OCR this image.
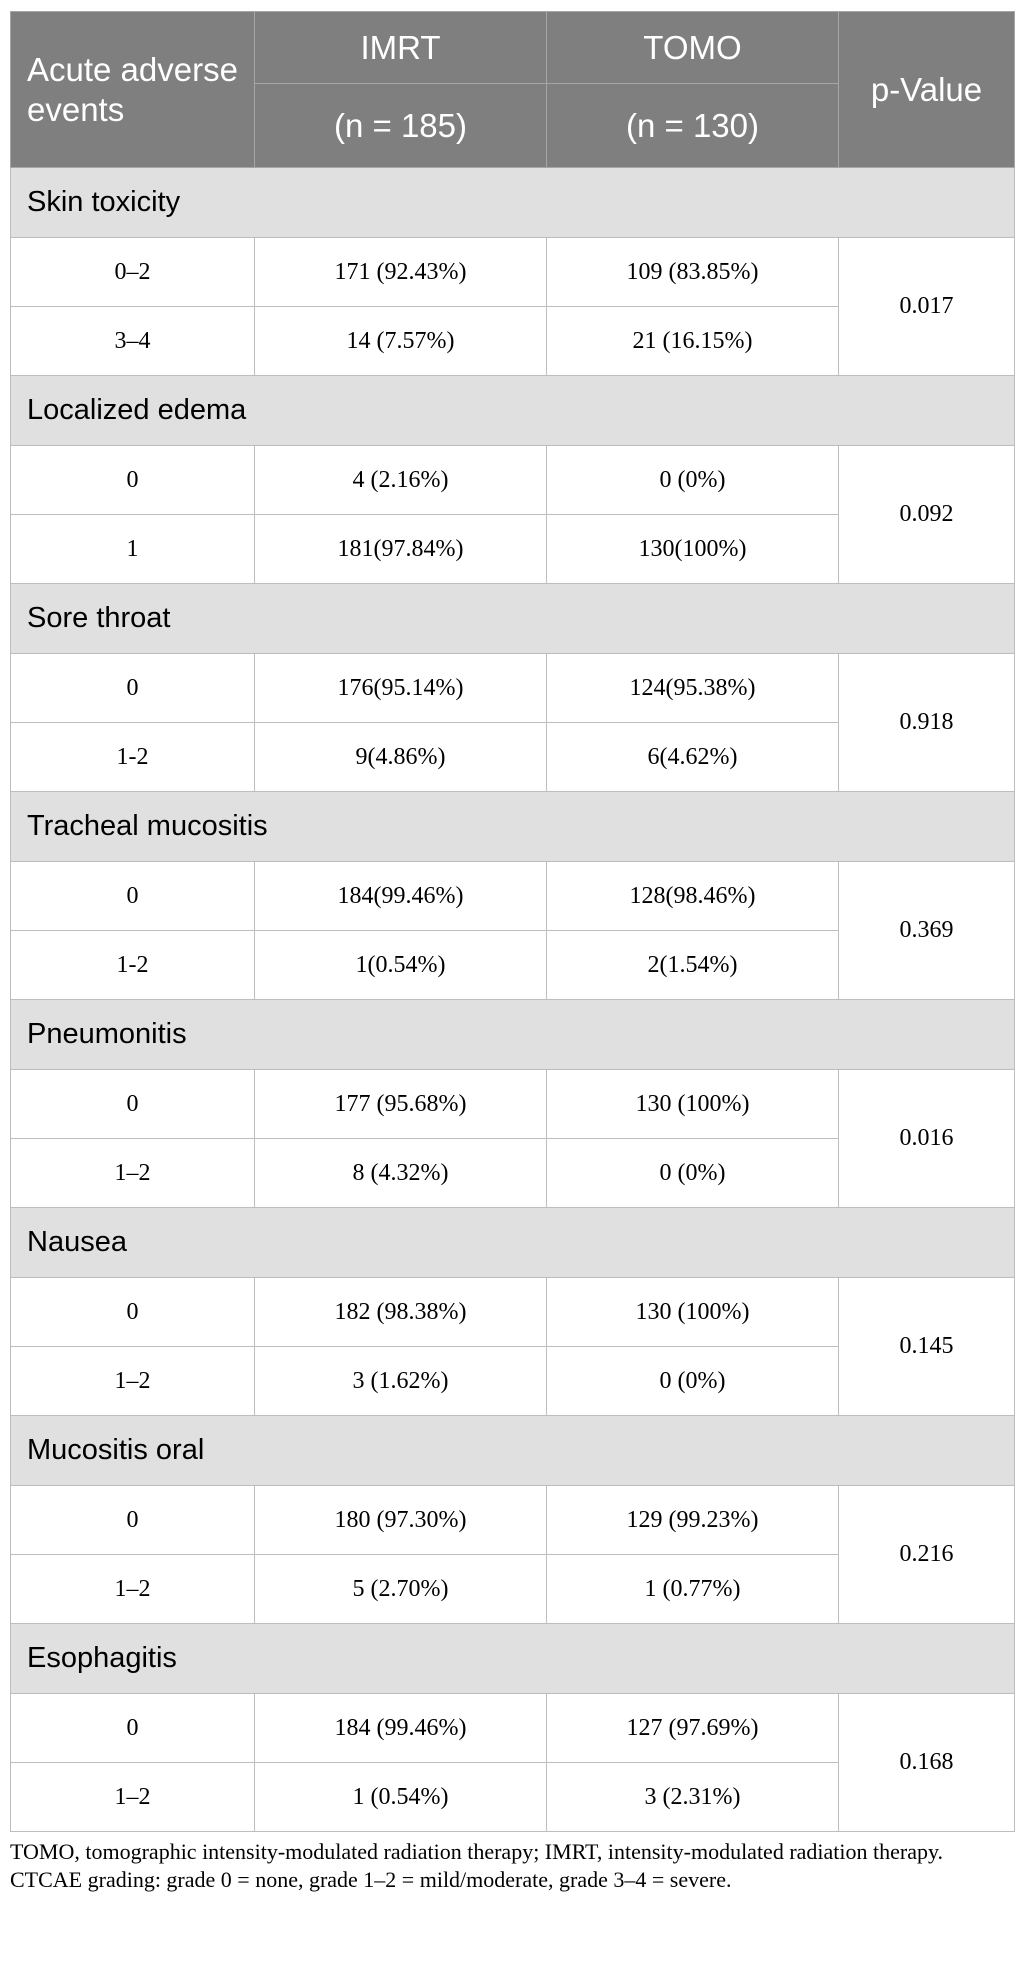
Acute adverse events	IMRT	TOMO	p-Value
	(n = 185)	(n = 130)	
Skin toxicity			
0–2	171 (92.43%)	109 (83.85%)	0.017
3–4	14 (7.57%)	21 (16.15%)	
Localized edema			
0	4 (2.16%)	0 (0%)	0.092
1	181(97.84%)	130(100%)	
Sore throat			
0	176(95.14%)	124(95.38%)	0.918
1-2	9(4.86%)	6(4.62%)	
Tracheal mucositis			
0	184(99.46%)	128(98.46%)	0.369
1-2	1(0.54%)	2(1.54%)	
Pneumonitis			
0	177 (95.68%)	130 (100%)	0.016
1–2	8 (4.32%)	0 (0%)	
Nausea			
0	182 (98.38%)	130 (100%)	0.145
1–2	3 (1.62%)	0 (0%)	
Mucositis oral			
0	180 (97.30%)	129 (99.23%)	0.216
1–2	5 (2.70%)	1 (0.77%)	
Esophagitis			
0	184 (99.46%)	127 (97.69%)	0.168
1–2	1 (0.54%)	3 (2.31%)	
TOMO, tomographic intensity-modulated radiation therapy; IMRT, intensity-modulated radiation therapy.
CTCAE grading: grade 0 = none, grade 1–2 = mild/moderate, grade 3–4 = severe.
